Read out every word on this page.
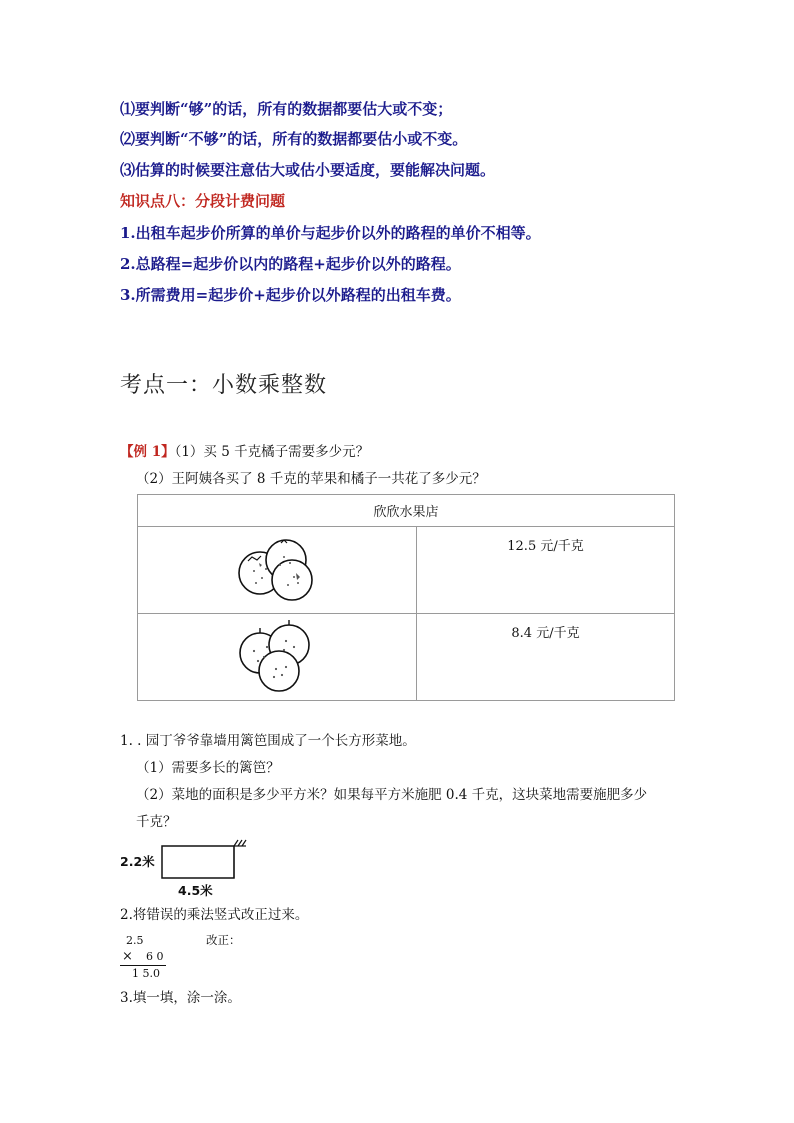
⑴要判断“够”的话，所有的数据都要估大或不变；
⑵要判断“不够”的话，所有的数据都要估小或不变。
⑶估算的时候要注意估大或估小要适度，要能解决问题。
知识点八：分段计费问题
1.出租车起步价所算的单价与起步价以外的路程的单价不相等。
2.总路程=起步价以内的路程+起步价以外的路程。
3.所需费用=起步价+起步价以外路程的出租车费。
考点一：小数乘整数
【例 1】（1）买 5 千克橘子需要多少元？
（2）王阿姨各买了 8 千克的苹果和橘子一共花了多少元？
欣欣水果店	
	12.5 元/千克
	8.4 元/千克
1. . 园丁爷爷靠墙用篱笆围成了一个长方形菜地。
（1）需要多长的篱笆？
（2）菜地的面积是多少平方米？如果每平方米施肥 0.4 千克，这块菜地需要施肥多少
千克？
2.2米
4.5米
2.将错误的乘法竖式改正过来。
2.5	改正：
× 6 0
1 5.0
3.填一填，涂一涂。
